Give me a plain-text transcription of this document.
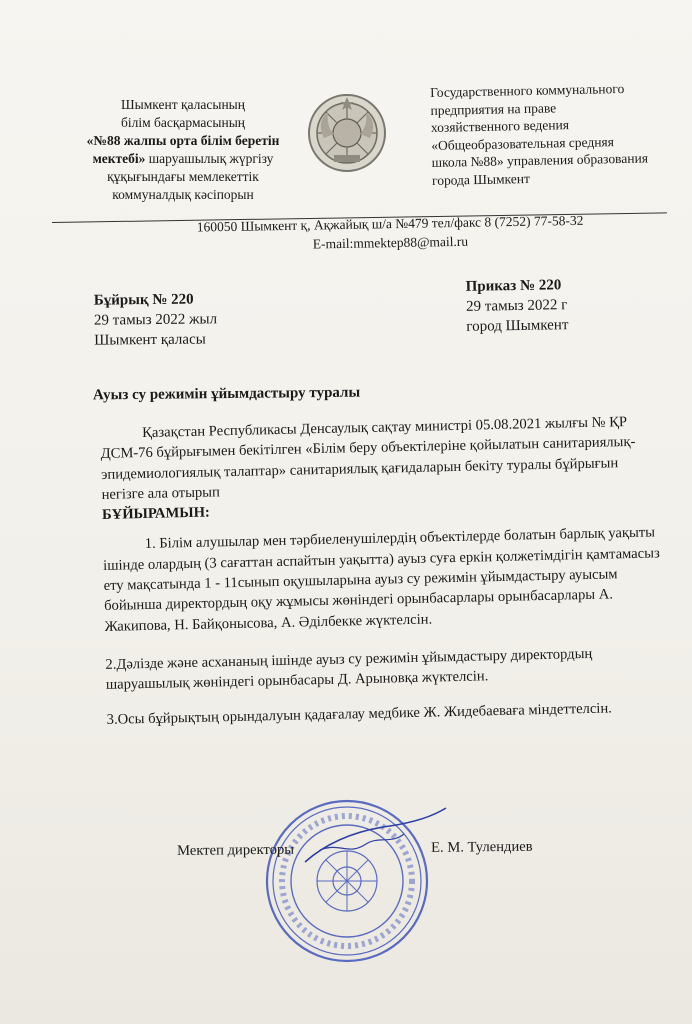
Шымкент қаласының
білім басқармасының
«№88 жалпы орта білім беретін
мектебі» шаруашылық жүргізу
құқығындағы мемлекеттік
коммуналдық кәсіпорын
Государственного коммунального
предприятия на праве
хозяйственного ведения
«Общеобразовательная средняя
школа №88» управления образования
города Шымкент
160050 Шымкент қ, Ақжайық ш/а №479 тел/факс 8 (7252) 77-58-32
E-mail:mmektep88@mail.ru
Бұйрық № 220
29 тамыз 2022 жыл
Шымкент қаласы
Приказ № 220
29 тамыз 2022 г
город Шымкент
Ауыз су режимін ұйымдастыру туралы

Қазақстан Республикасы Денсаулық сақтау министрі 05.08.2021 жылғы № ҚР ДСМ-76 бұйрығымен бекітілген «Білім беру объектілеріне қойылатын санитариялық-эпидемиологиялық талаптар» санитариялық қағидаларын бекіту туралы бұйрығын негізге ала отырып

БҰЙЫРАМЫН:

1. Білім алушылар мен тәрбиеленушілердің объектілерде болатын барлық уақыты ішінде олардың (3 сағаттан аспайтын уақытта) ауыз суға еркін қолжетімдігін қамтамасыз ету мақсатында 1 - 11сынып оқушыларына ауыз су режимін ұйымдастыру ауысым бойынша директордың оқу жұмысы жөніндегі орынбасарлары орынбасарлары А. Жакипова, Н. Байқонысова, А. Әділбекке жүктелсін.

2.Дәлізде және асхананың ішінде ауыз су режимін ұйымдастыру директордың шаруашылық жөніндегі орынбасары Д. Арыновқа жүктелсін.

3.Осы бұйрықтың орындалуын қадағалау медбике Ж. Жидебаеваға міндеттелсін.

Мектеп директоры	Е. М. Тулендиев
